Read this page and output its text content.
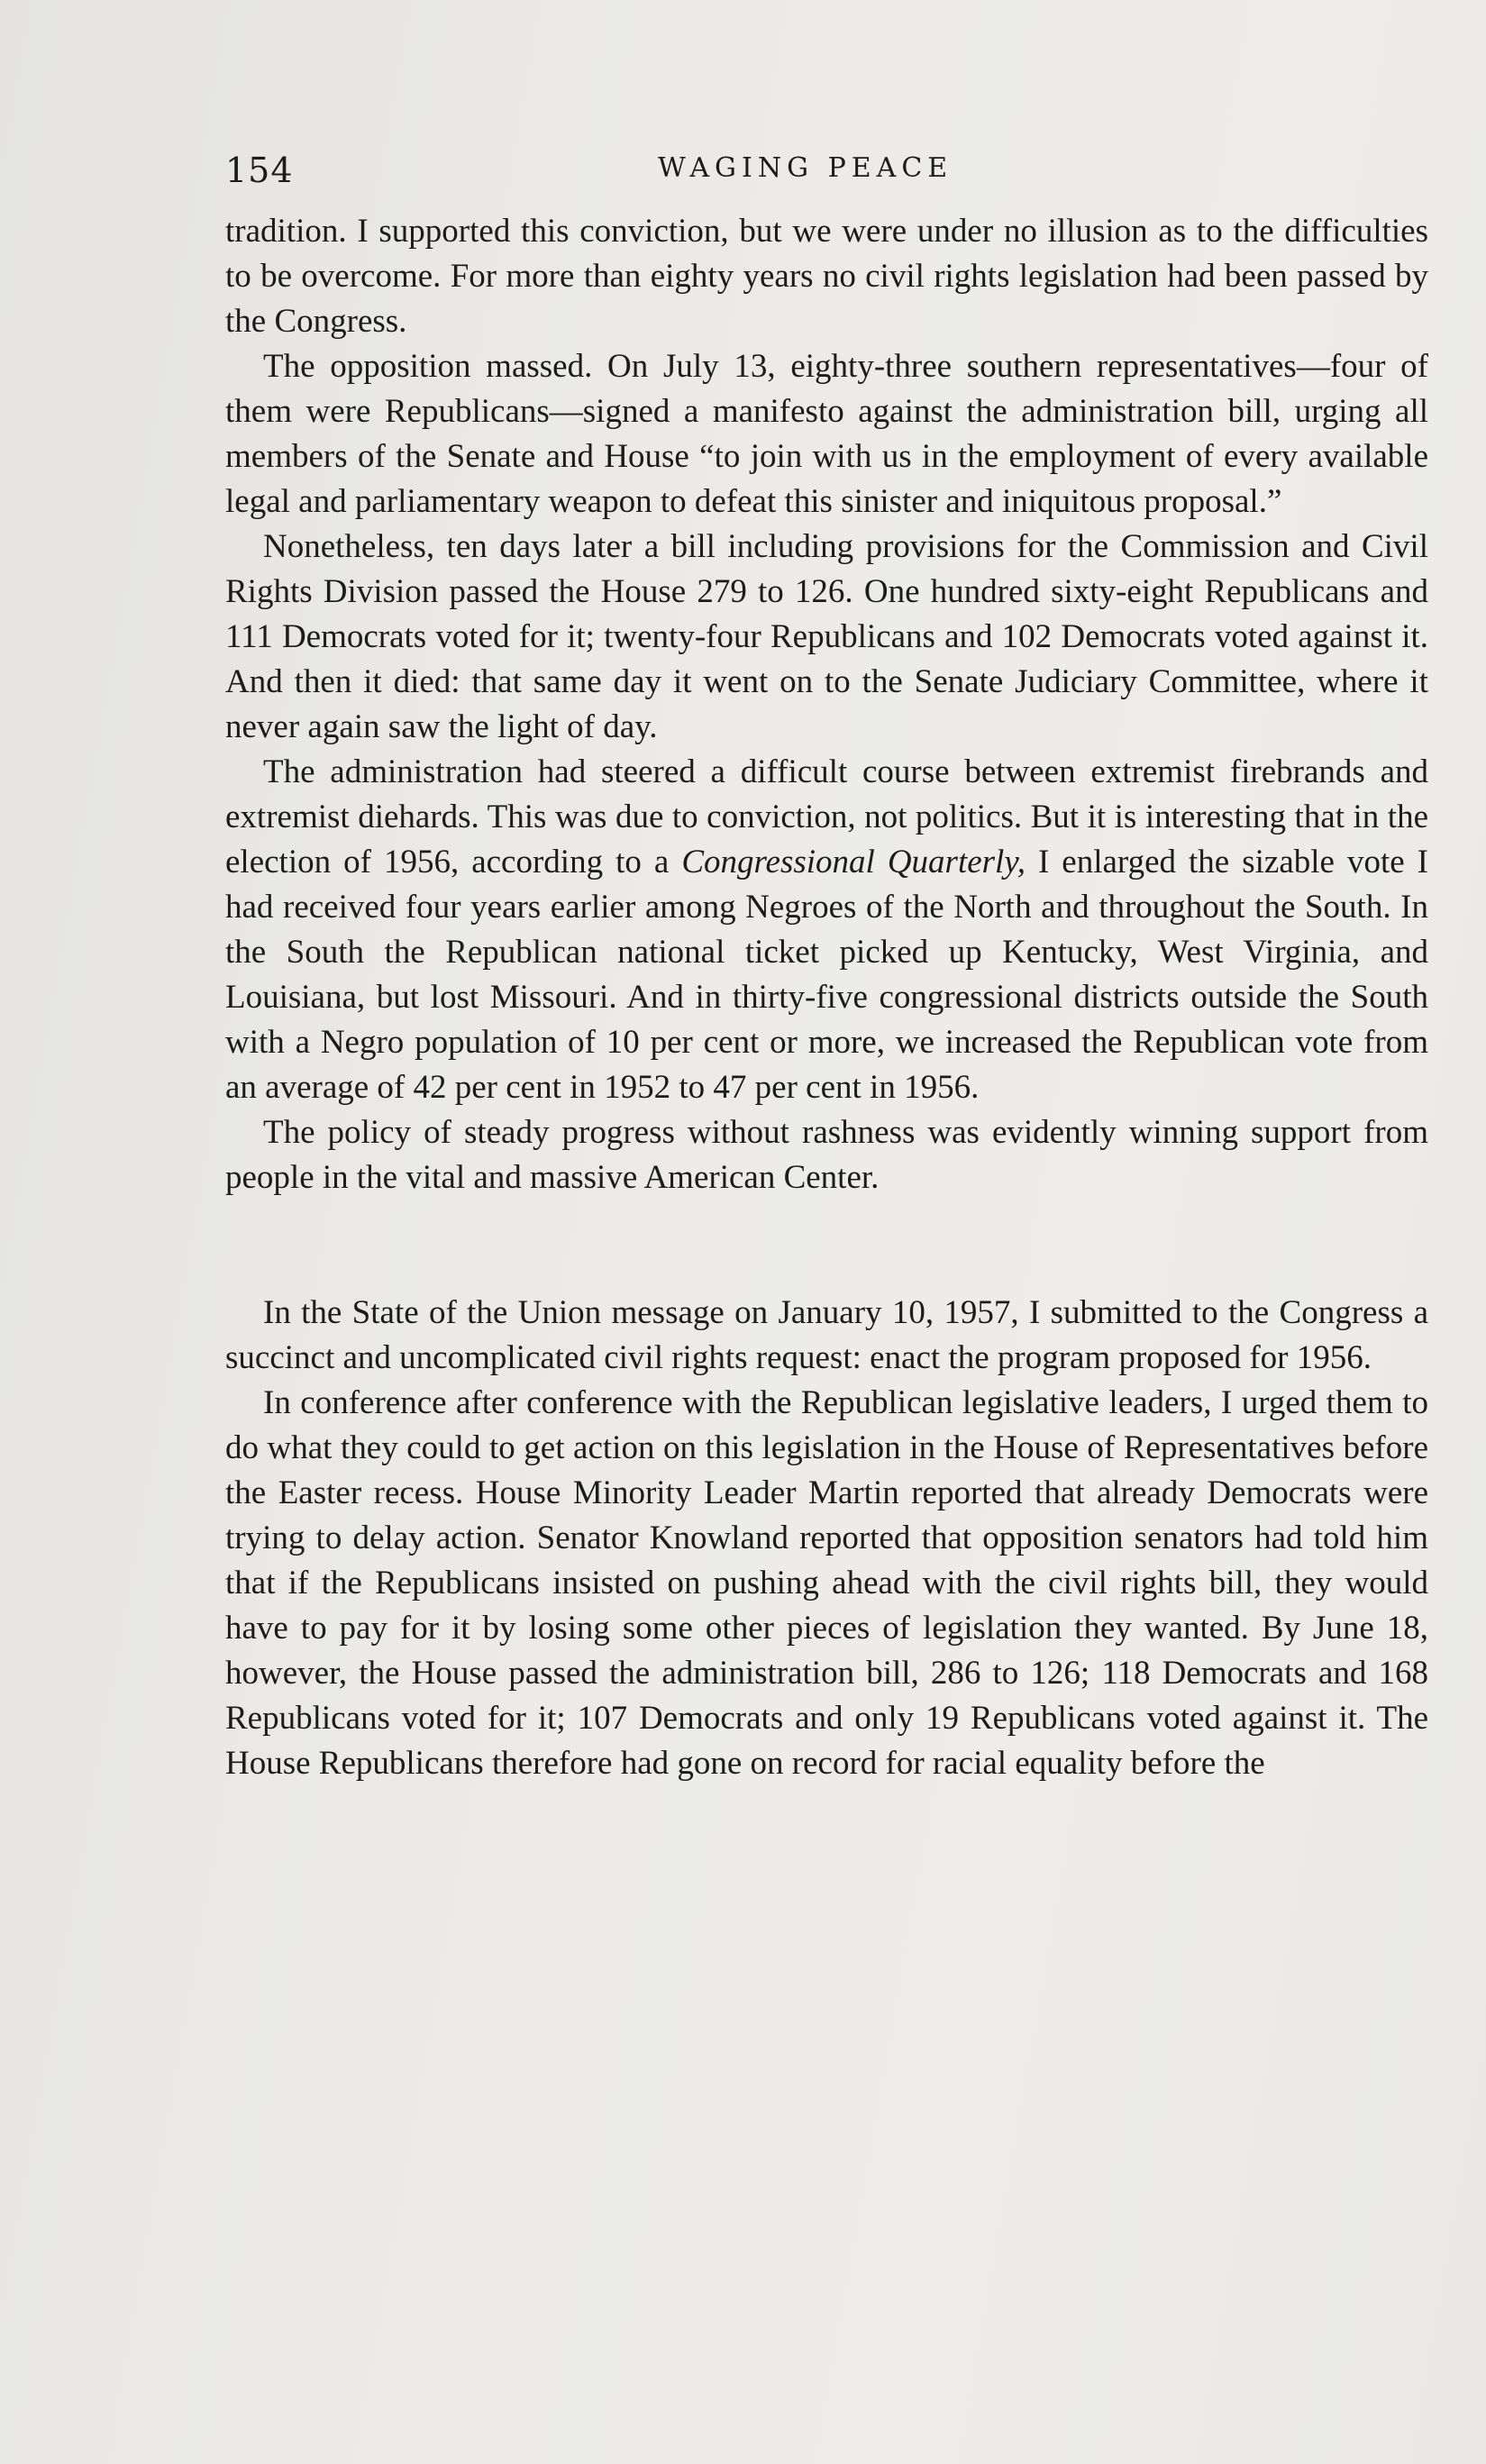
154	WAGING PEACE

tradition. I supported this conviction, but we were under no illusion as to the difficulties to be overcome. For more than eighty years no civil rights legislation had been passed by the Congress.

The opposition massed. On July 13, eighty-three southern representatives—four of them were Republicans—signed a manifesto against the administration bill, urging all members of the Senate and House “to join with us in the employment of every available legal and parliamentary weapon to defeat this sinister and iniquitous proposal.”

Nonetheless, ten days later a bill including provisions for the Commission and Civil Rights Division passed the House 279 to 126. One hundred sixty-eight Republicans and 111 Democrats voted for it; twenty-four Republicans and 102 Democrats voted against it. And then it died: that same day it went on to the Senate Judiciary Committee, where it never again saw the light of day.

The administration had steered a difficult course between extremist firebrands and extremist diehards. This was due to conviction, not politics. But it is interesting that in the election of 1956, according to a Congressional Quarterly, I enlarged the sizable vote I had received four years earlier among Negroes of the North and throughout the South. In the South the Republican national ticket picked up Kentucky, West Virginia, and Louisiana, but lost Missouri. And in thirty-five congressional districts outside the South with a Negro population of 10 per cent or more, we increased the Republican vote from an average of 42 per cent in 1952 to 47 per cent in 1956.

The policy of steady progress without rashness was evidently winning support from people in the vital and massive American Center.

In the State of the Union message on January 10, 1957, I submitted to the Congress a succinct and uncomplicated civil rights request: enact the program proposed for 1956.

In conference after conference with the Republican legislative leaders, I urged them to do what they could to get action on this legislation in the House of Representatives before the Easter recess. House Minority Leader Martin reported that already Democrats were trying to delay action. Senator Knowland reported that opposition senators had told him that if the Republicans insisted on pushing ahead with the civil rights bill, they would have to pay for it by losing some other pieces of legislation they wanted. By June 18, however, the House passed the administration bill, 286 to 126; 118 Democrats and 168 Republicans voted for it; 107 Democrats and only 19 Republicans voted against it. The House Republicans therefore had gone on record for racial equality before the
